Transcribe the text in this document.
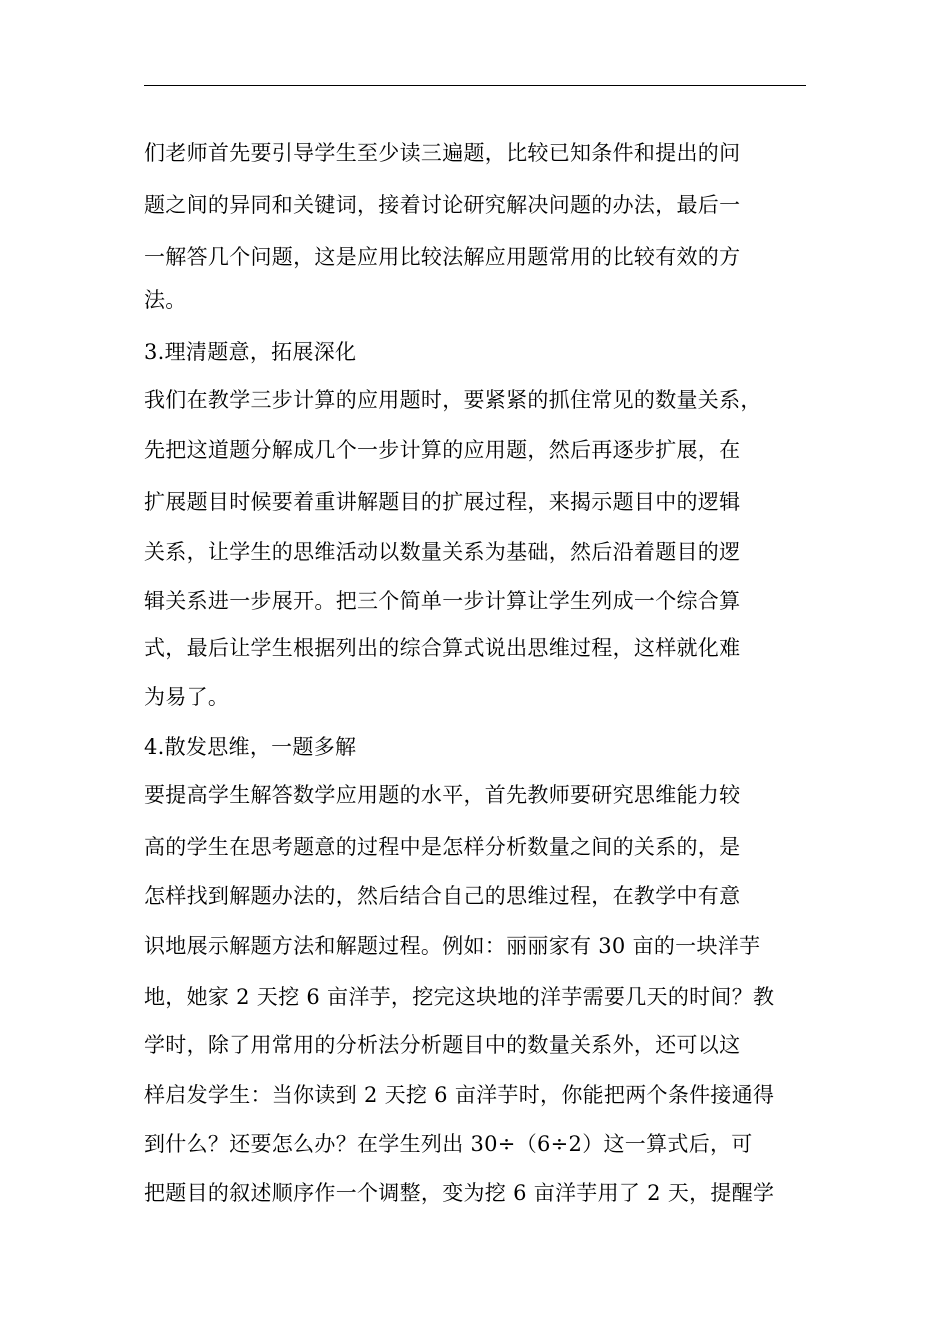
们老师首先要引导学生至少读三遍题，比较已知条件和提出的问
题之间的异同和关键词，接着讨论研究解决问题的办法，最后一
一解答几个问题，这是应用比较法解应用题常用的比较有效的方
法。
3.理清题意，拓展深化
我们在教学三步计算的应用题时，要紧紧的抓住常见的数量关系，
先把这道题分解成几个一步计算的应用题，然后再逐步扩展，在
扩展题目时候要着重讲解题目的扩展过程，来揭示题目中的逻辑
关系，让学生的思维活动以数量关系为基础，然后沿着题目的逻
辑关系进一步展开。把三个简单一步计算让学生列成一个综合算
式，最后让学生根据列出的综合算式说出思维过程，这样就化难
为易了。
4.散发思维，一题多解
要提高学生解答数学应用题的水平，首先教师要研究思维能力较
高的学生在思考题意的过程中是怎样分析数量之间的关系的，是
怎样找到解题办法的，然后结合自己的思维过程，在教学中有意
识地展示解题方法和解题过程。例如：丽丽家有 30 亩的一块洋芋
地，她家 2 天挖 6 亩洋芋，挖完这块地的洋芋需要几天的时间？教
学时，除了用常用的分析法分析题目中的数量关系外，还可以这
样启发学生：当你读到 2 天挖 6 亩洋芋时，你能把两个条件接通得
到什么？还要怎么办？在学生列出 30÷（6÷2）这一算式后，可
把题目的叙述顺序作一个调整，变为挖 6 亩洋芋用了 2 天，提醒学
